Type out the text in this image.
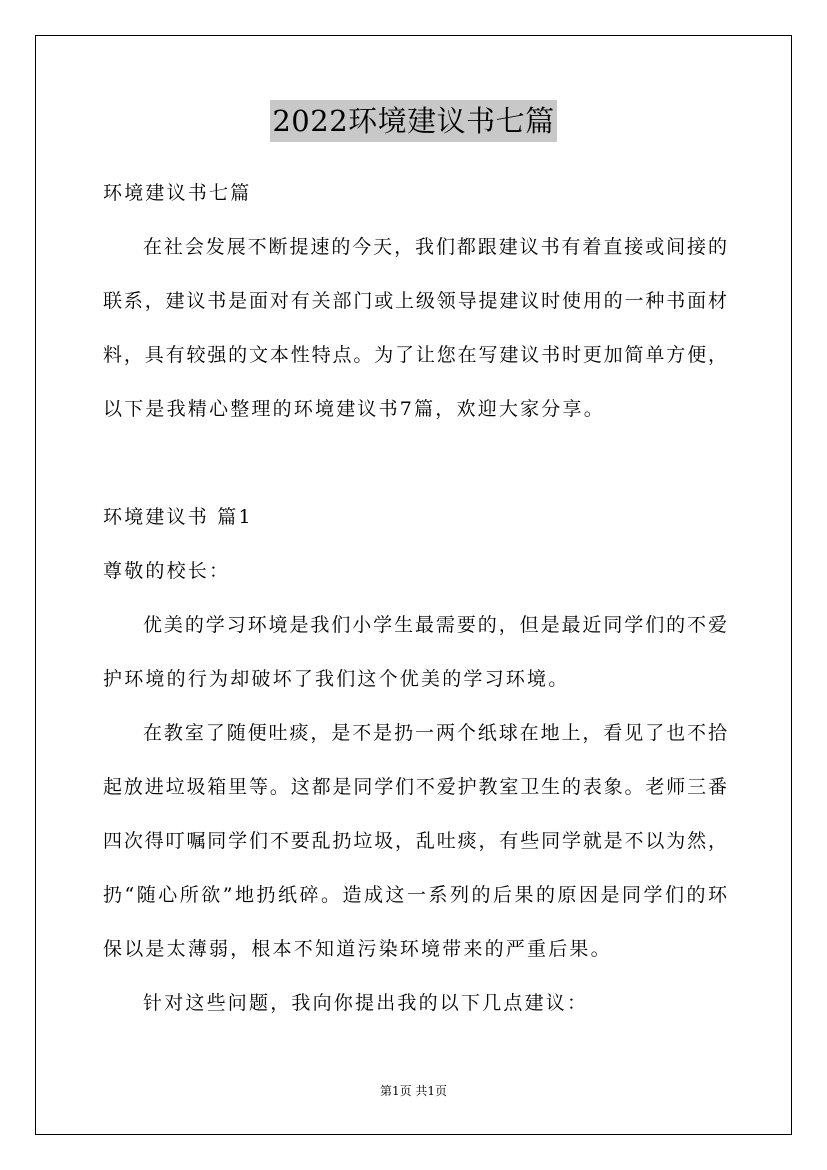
2022环境建议书七篇
环境建议书七篇
在社会发展不断提速的今天，我们都跟建议书有着直接或间接的
联系，建议书是面对有关部门或上级领导提建议时使用的一种书面材
料，具有较强的文本性特点。为了让您在写建议书时更加简单方便，
以下是我精心整理的环境建议书7篇，欢迎大家分享。
环境建议书 篇1
尊敬的校长：
优美的学习环境是我们小学生最需要的，但是最近同学们的不爱
护环境的行为却破坏了我们这个优美的学习环境。
在教室了随便吐痰，是不是扔一两个纸球在地上，看见了也不拾
起放进垃圾箱里等。这都是同学们不爱护教室卫生的表象。老师三番
四次得叮嘱同学们不要乱扔垃圾，乱吐痰，有些同学就是不以为然，
扔“随心所欲”地扔纸碎。造成这一系列的后果的原因是同学们的环
保以是太薄弱，根本不知道污染环境带来的严重后果。
针对这些问题，我向你提出我的以下几点建议：
第1页 共1页
